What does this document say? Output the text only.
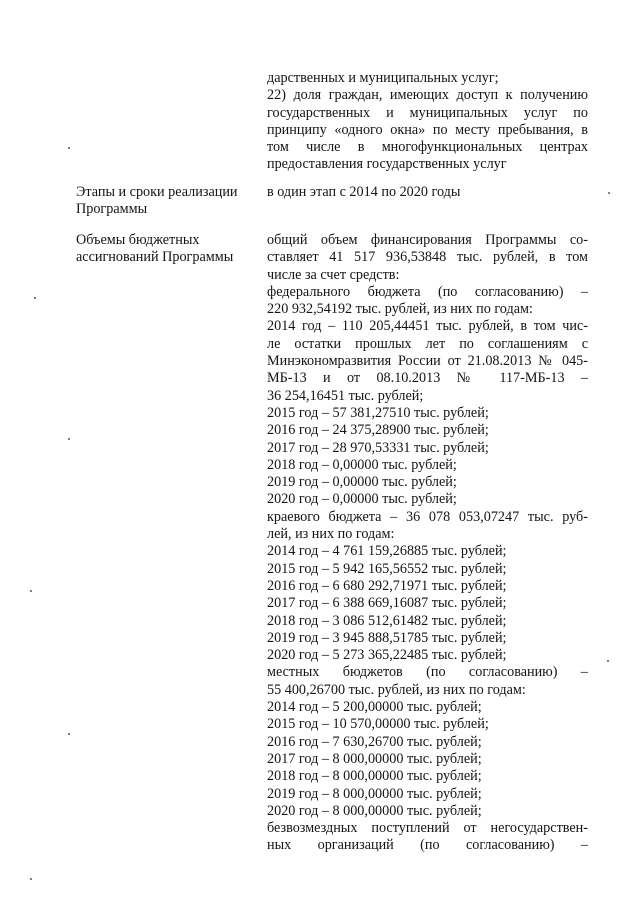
дарственных и муниципальных услуг;
22) доля граждан, имеющих доступ к получению
государственных и муниципальных услуг по
принципу «одного окна» по месту пребывания, в
том числе в многофункциональных центрах
предоставления государственных услуг
Этапы и сроки реализации
Программы
в один этап с 2014 по 2020 годы
Объемы бюджетных
ассигнований Программы
общий объем финансирования Программы со-
ставляет 41 517 936,53848 тыс. рублей, в том
числе за счет средств:
федерального бюджета (по согласованию) –
220 932,54192 тыс. рублей, из них по годам:
2014 год – 110 205,44451 тыс. рублей, в том чис-
ле остатки прошлых лет по соглашениям с
Минэкономразвития России от 21.08.2013 № 045-
МБ-13 и от 08.10.2013 № 117-МБ-13 –
36 254,16451 тыс. рублей;
2015 год – 57 381,27510 тыс. рублей;
2016 год – 24 375,28900 тыс. рублей;
2017 год – 28 970,53331 тыс. рублей;
2018 год – 0,00000 тыс. рублей;
2019 год – 0,00000 тыс. рублей;
2020 год – 0,00000 тыс. рублей;
краевого бюджета – 36 078 053,07247 тыс. руб-
лей, из них по годам:
2014 год – 4 761 159,26885 тыс. рублей;
2015 год – 5 942 165,56552 тыс. рублей;
2016 год – 6 680 292,71971 тыс. рублей;
2017 год – 6 388 669,16087 тыс. рублей;
2018 год – 3 086 512,61482 тыс. рублей;
2019 год – 3 945 888,51785 тыс. рублей;
2020 год – 5 273 365,22485 тыс. рублей;
местных бюджетов (по согласованию) –
55 400,26700 тыс. рублей, из них по годам:
2014 год – 5 200,00000 тыс. рублей;
2015 год – 10 570,00000 тыс. рублей;
2016 год – 7 630,26700 тыс. рублей;
2017 год – 8 000,00000 тыс. рублей;
2018 год – 8 000,00000 тыс. рублей;
2019 год – 8 000,00000 тыс. рублей;
2020 год – 8 000,00000 тыс. рублей;
безвозмездных поступлений от негосударствен-
ных организаций (по согласованию) –
